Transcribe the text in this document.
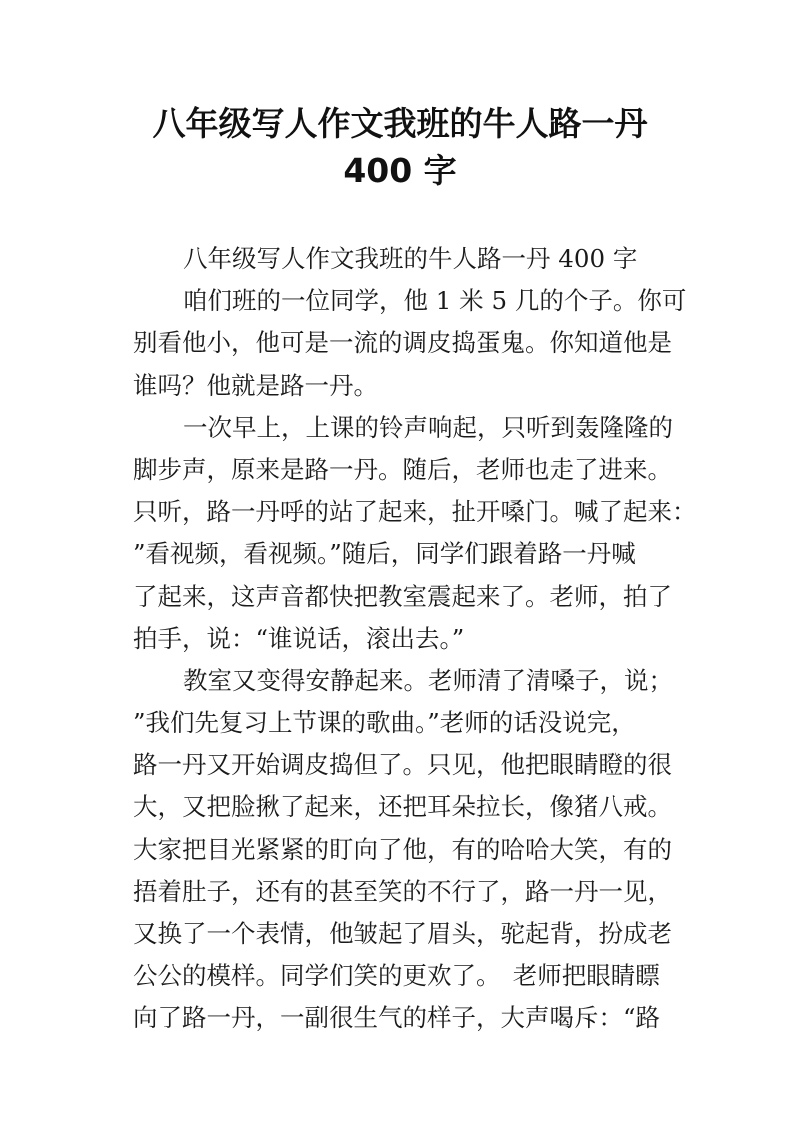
八年级写人作文我班的牛人路一丹
400 字
八年级写人作文我班的牛人路一丹 400 字
咱们班的一位同学，他 1 米 5 几的个子。你可
别看他小，他可是一流的调皮捣蛋鬼。你知道他是
谁吗？他就是路一丹。
一次早上，上课的铃声响起，只听到轰隆隆的
脚步声，原来是路一丹。随后，老师也走了进来。
只听，路一丹呼的站了起来，扯开嗓门。喊了起来：
”看视频，看视频。”随后，同学们跟着路一丹喊
了起来，这声音都快把教室震起来了。老师，拍了
拍手，说：“谁说话，滚出去。”
教室又变得安静起来。老师清了清嗓子，说；
”我们先复习上节课的歌曲。”老师的话没说完，
路一丹又开始调皮捣但了。只见，他把眼睛瞪的很
大，又把脸揪了起来，还把耳朵拉长，像猪八戒。
大家把目光紧紧的盯向了他，有的哈哈大笑，有的
捂着肚子，还有的甚至笑的不行了，路一丹一见，
又换了一个表情，他皱起了眉头，驼起背，扮成老
公公的模样。同学们笑的更欢了。　老师把眼睛瞟
向了路一丹，一副很生气的样子，大声喝斥：“路
